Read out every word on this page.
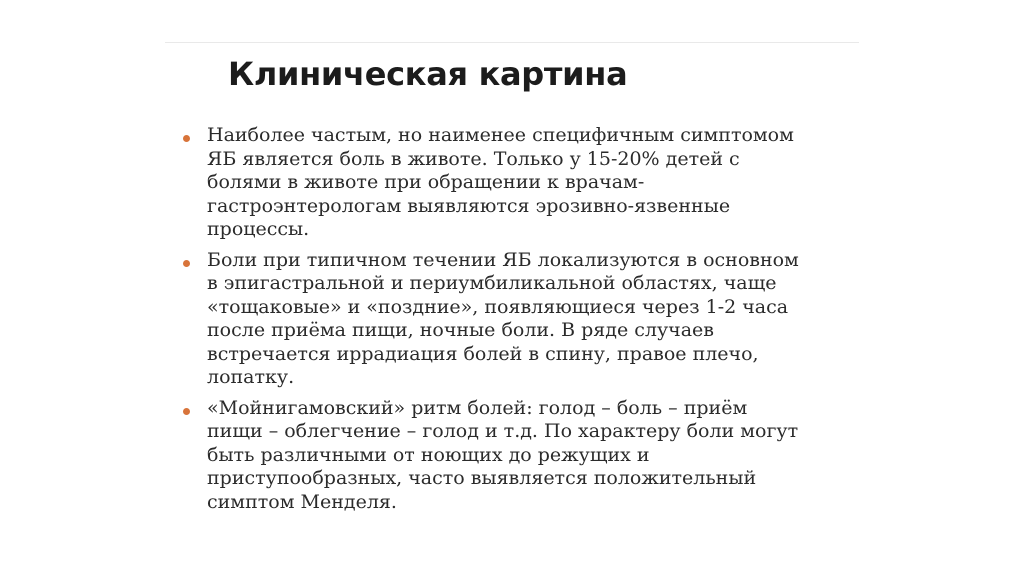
Клиническая картина
Наиболее частым, но наименее специфичным симптомом
ЯБ является боль в животе. Только у 15-20% детей с
болями в животе при обращении к врачам-
гастроэнтерологам выявляются эрозивно-язвенные
процессы.
Боли при типичном течении ЯБ локализуются в основном
в эпигастральной и периумбиликальной областях, чаще
«тощаковые» и «поздние», появляющиеся через 1-2 часа
после приёма пищи, ночные боли. В ряде случаев
встречается иррадиация болей в спину, правое плечо,
лопатку.
«Мойнигамовский» ритм болей: голод – боль – приём
пищи – облегчение – голод и т.д. По характеру боли могут
быть различными от ноющих до режущих и
приступообразных, часто выявляется положительный
симптом Менделя.
